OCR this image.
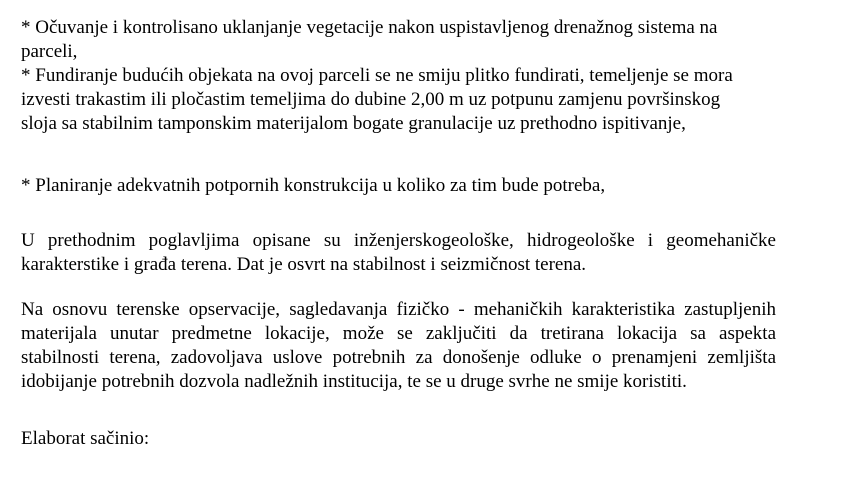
* Očuvanje i kontrolisano uklanjanje vegetacije nakon uspistavljenog drenažnog sistema na
parceli,
* Fundiranje budućih objekata na ovoj parceli se ne smiju plitko fundirati, temeljenje se mora
izvesti trakastim ili pločastim temeljima do dubine 2,00 m uz potpunu zamjenu površinskog
sloja sa stabilnim tamponskim materijalom bogate granulacije uz prethodno ispitivanje,
* Planiranje adekvatnih potpornih konstrukcija u koliko za tim bude potreba,
U prethodnim poglavljima opisane su inženjerskogeološke, hidrogeološke i geomehaničke
karakterstike i građa terena. Dat je osvrt na stabilnost i seizmičnost terena.
Na osnovu terenske opservacije, sagledavanja fizičko - mehaničkih karakteristika zastupljenih
materijala unutar predmetne lokacije, može se zaključiti da tretirana lokacija sa aspekta
stabilnosti terena, zadovoljava uslove potrebnih za donošenje odluke o prenamjeni zemljišta
idobijanje potrebnih dozvola nadležnih institucija, te se u druge svrhe ne smije koristiti.
Elaborat sačinio:
